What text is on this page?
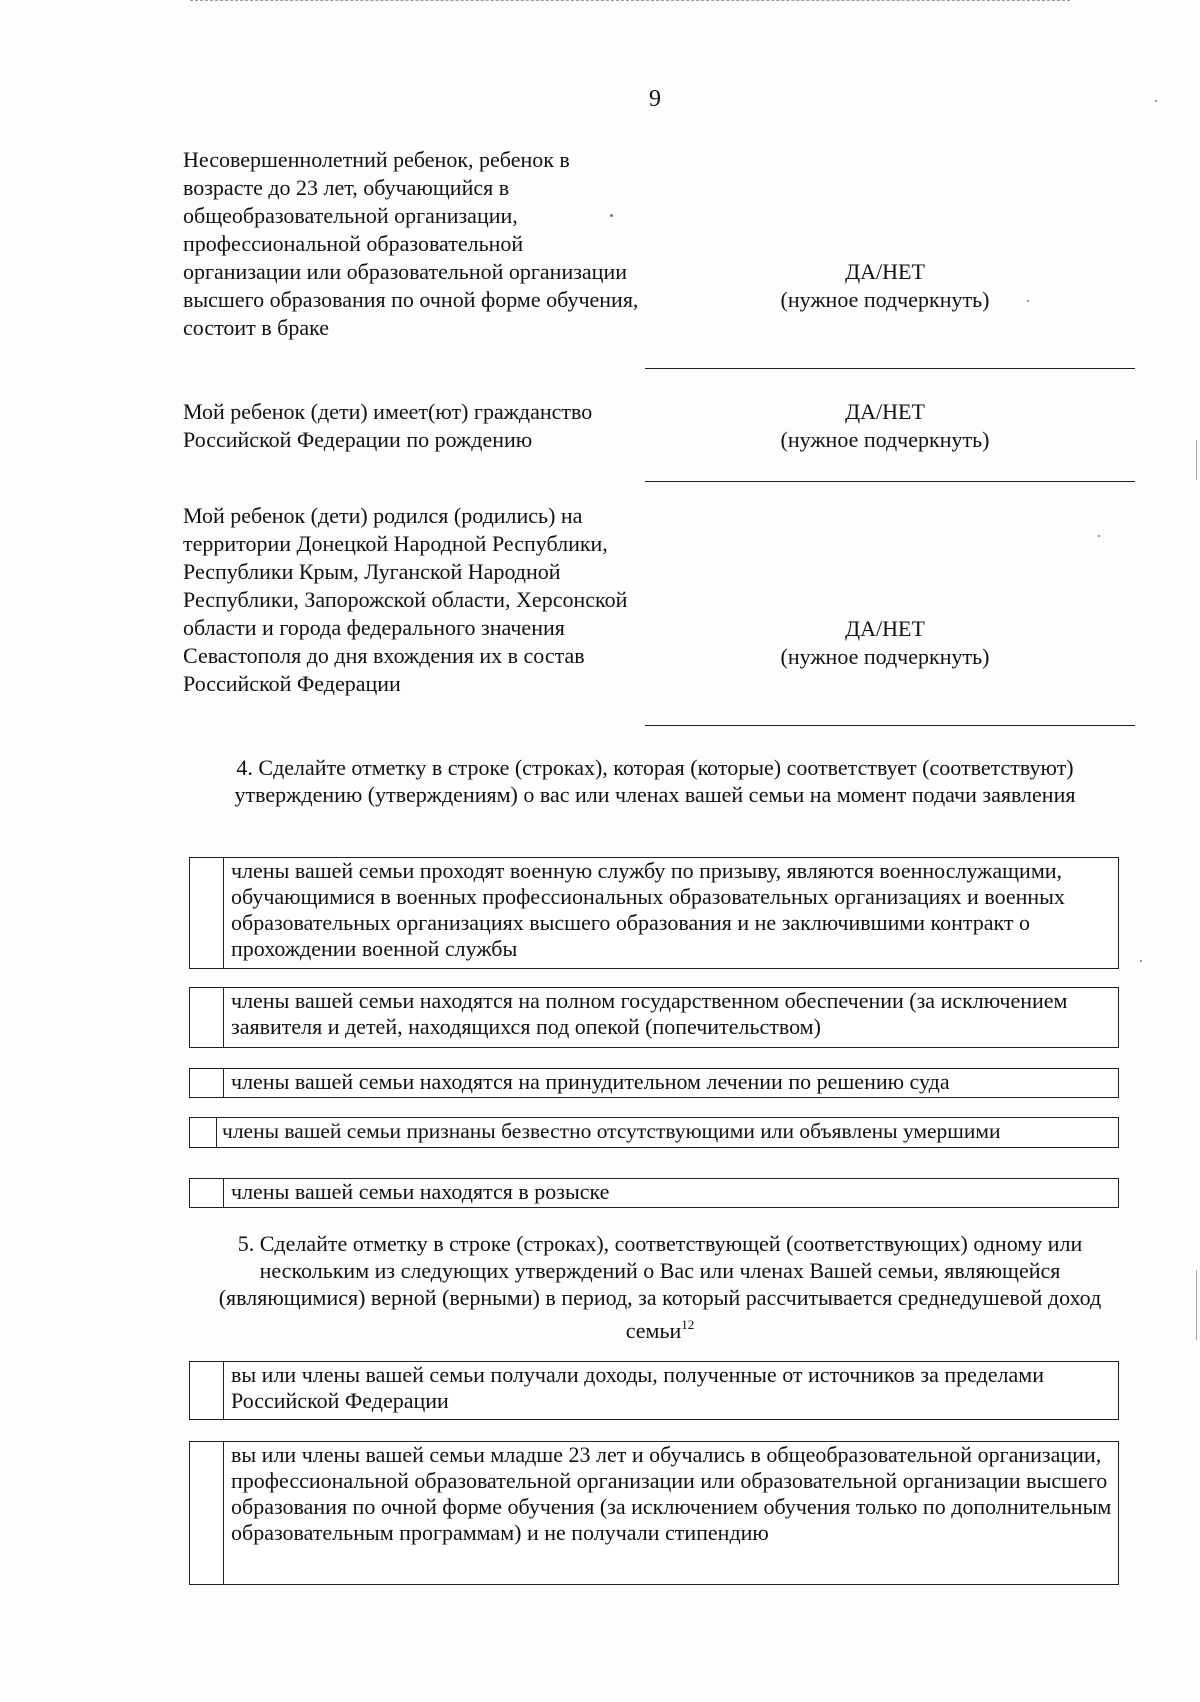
9
Несовершеннолетний ребенок, ребенок в возрасте до 23 лет, обучающийся в общеобразовательной организации, профессиональной образовательной организации или образовательной организации высшего образования по очной форме обучения, состоит в браке
ДА/НЕТ
(нужное подчеркнуть)
Мой ребенок (дети) имеет(ют) гражданство Российской Федерации по рождению
ДА/НЕТ
(нужное подчеркнуть)
Мой ребенок (дети) родился (родились) на территории Донецкой Народной Республики, Республики Крым, Луганской Народной Республики, Запорожской области, Херсонской области и города федерального значения Севастополя до дня вхождения их в состав Российской Федерации
ДА/НЕТ
(нужное подчеркнуть)
4. Сделайте отметку в строке (строках), которая (которые) соответствует (соответствуют) утверждению (утверждениям) о вас или членах вашей семьи на момент подачи заявления
члены вашей семьи проходят военную службу по призыву, являются военнослужащими, обучающимися в военных профессиональных образовательных организациях и военных образовательных организациях высшего образования и не заключившими контракт о прохождении военной службы
члены вашей семьи находятся на полном государственном обеспечении (за исключением заявителя и детей, находящихся под опекой (попечительством)
члены вашей семьи находятся на принудительном лечении по решению суда
члены вашей семьи признаны безвестно отсутствующими или объявлены умершими
члены вашей семьи находятся в розыске
5. Сделайте отметку в строке (строках), соответствующей (соответствующих) одному или нескольким из следующих утверждений о Вас или членах Вашей семьи, являющейся (являющимися) верной (верными) в период, за который рассчитывается среднедушевой доход семьи$^{12}$
вы или члены вашей семьи получали доходы, полученные от источников за пределами Российской Федерации
вы или члены вашей семьи младше 23 лет и обучались в общеобразовательной организации, профессиональной образовательной организации или образовательной организации высшего образования по очной форме обучения (за исключением обучения только по дополнительным образовательным программам) и не получали стипендию
